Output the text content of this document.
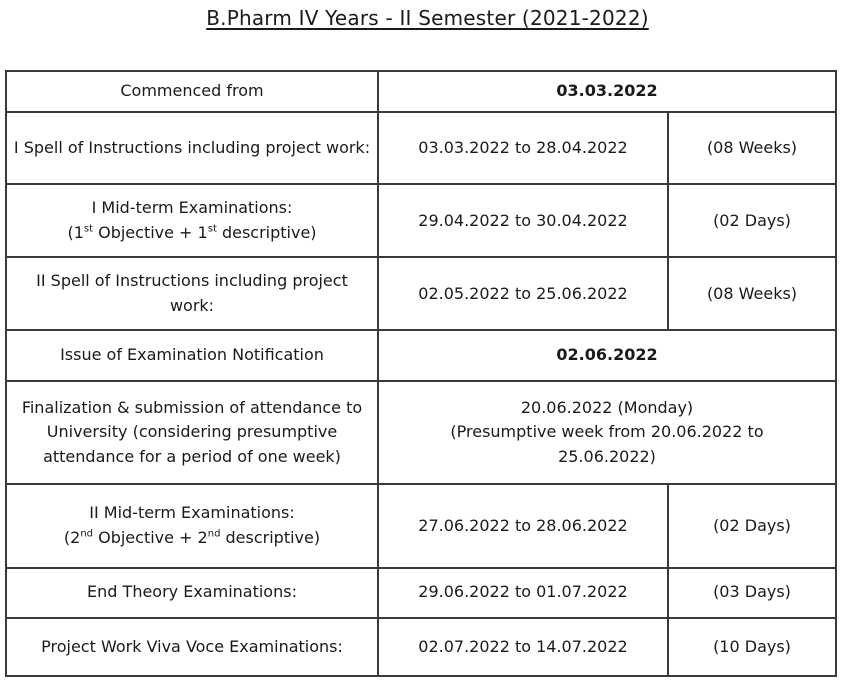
B.Pharm IV Years - II Semester (2021-2022)
Commenced from	03.03.2022	
I Spell of Instructions including project work:	03.03.2022 to 28.04.2022	(08 Weeks)

I Mid-term Examinations:
(1st Objective + 1st descriptive)	29.04.2022 to 30.04.2022	(02 Days)
II Spell of Instructions including project work:	02.05.2022 to 25.06.2022	(08 Weeks)
Issue of Examination Notification	02.06.2022	
Finalization & submission of attendance to University (considering presumptive attendance for a period of one week)	20.06.2022 (Monday)
(Presumptive week from 20.06.2022 to 25.06.2022)	

II Mid-term Examinations:
(2nd Objective + 2nd descriptive)	27.06.2022 to 28.06.2022	(02 Days)
End Theory Examinations:	29.06.2022 to 01.07.2022	(03 Days)
Project Work Viva Voce Examinations:	02.07.2022 to 14.07.2022	(10 Days)
